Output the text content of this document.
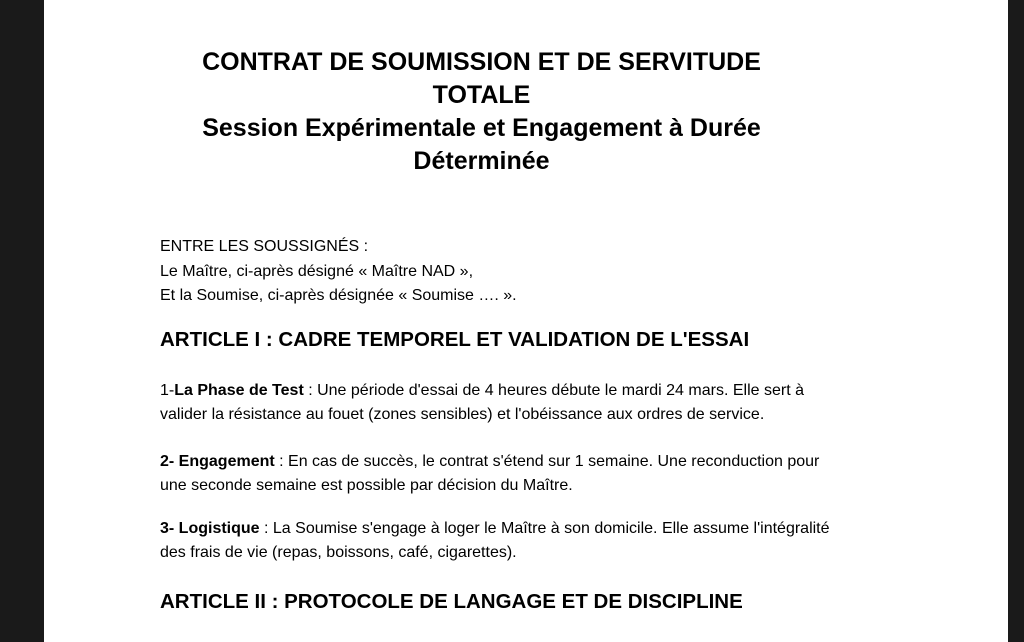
CONTRAT DE SOUMISSION ET DE SERVITUDE
TOTALE
Session Expérimentale et Engagement à Durée
Déterminée
ENTRE LES SOUSSIGNÉS :
Le Maître, ci-après désigné « Maître NAD »,
Et la Soumise, ci-après désignée « Soumise …. ».
ARTICLE I : CADRE TEMPOREL ET VALIDATION DE L'ESSAI
1-La Phase de Test : Une période d'essai de 4 heures débute le mardi 24 mars. Elle sert à
valider la résistance au fouet (zones sensibles) et l'obéissance aux ordres de service.
2- Engagement : En cas de succès, le contrat s'étend sur 1 semaine. Une reconduction pour
une seconde semaine est possible par décision du Maître.
3- Logistique : La Soumise s'engage à loger le Maître à son domicile. Elle assume l'intégralité
des frais de vie (repas, boissons, café, cigarettes).
ARTICLE II : PROTOCOLE DE LANGAGE ET DE DISCIPLINE
